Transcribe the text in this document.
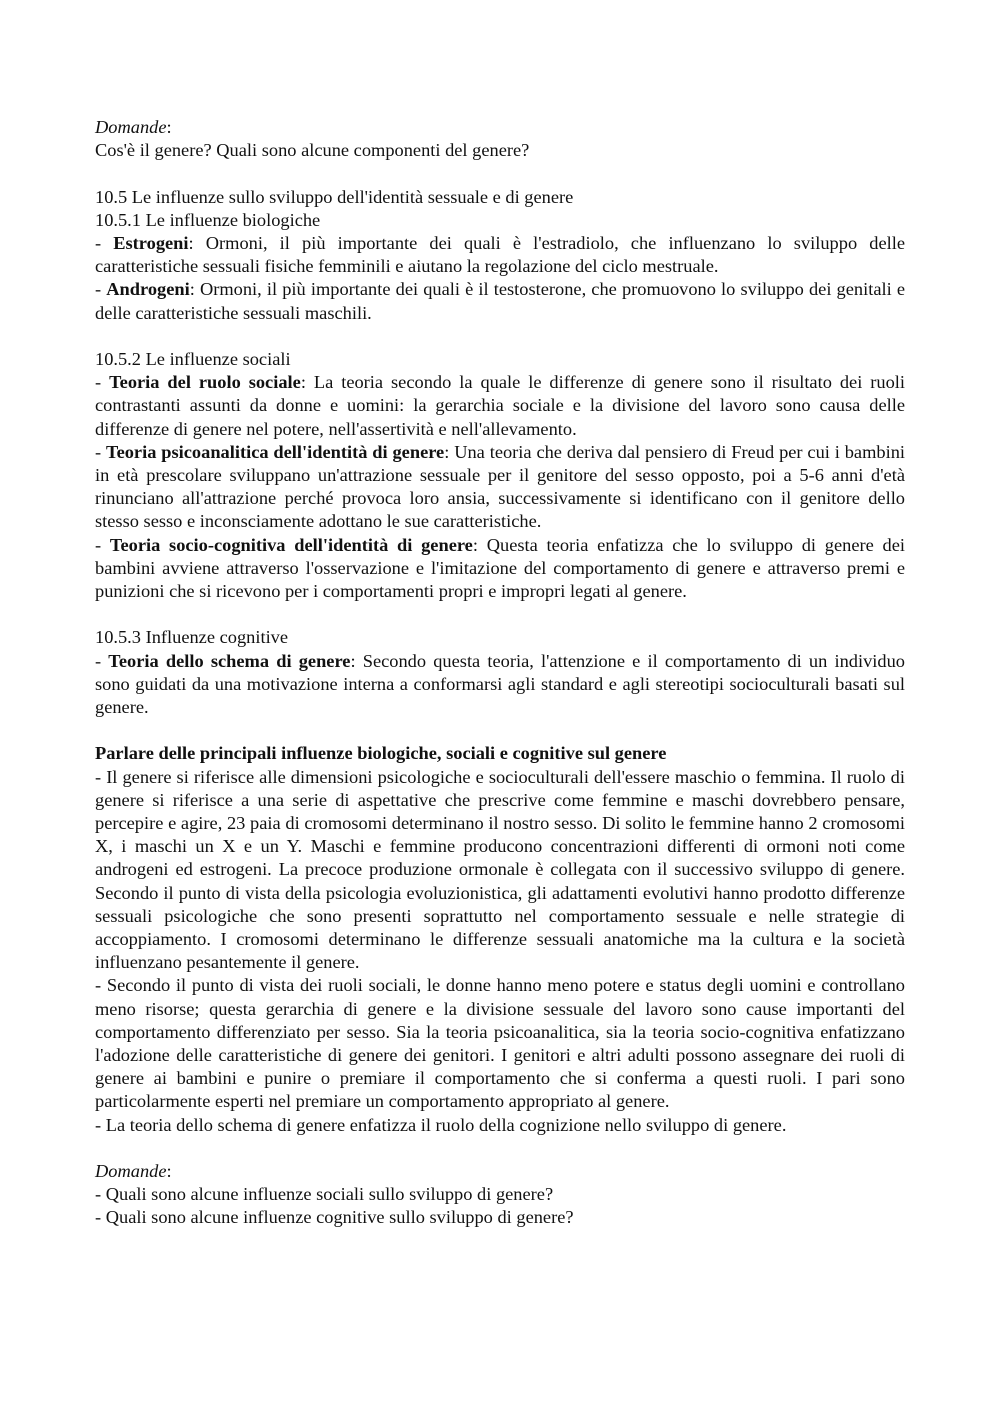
Domande:

Cos'è il genere? Quali sono alcune componenti del genere?

10.5 Le influenze sullo sviluppo dell'identità sessuale e di genere

10.5.1 Le influenze biologiche

- Estrogeni: Ormoni, il più importante dei quali è l'estradiolo, che influenzano lo sviluppo delle caratteristiche sessuali fisiche femminili e aiutano la regolazione del ciclo mestruale.

- Androgeni: Ormoni, il più importante dei quali è il testosterone, che promuovono lo sviluppo dei genitali e delle caratteristiche sessuali maschili.

10.5.2 Le influenze sociali

- Teoria del ruolo sociale: La teoria secondo la quale le differenze di genere sono il risultato dei ruoli contrastanti assunti da donne e uomini: la gerarchia sociale e la divisione del lavoro sono causa delle differenze di genere nel potere, nell'assertività e nell'allevamento.

- Teoria psicoanalitica dell'identità di genere: Una teoria che deriva dal pensiero di Freud per cui i bambini in età prescolare sviluppano un'attrazione sessuale per il genitore del sesso opposto, poi a 5-6 anni d'età rinunciano all'attrazione perché provoca loro ansia, successivamente si identificano con il genitore dello stesso sesso e inconsciamente adottano le sue caratteristiche.

- Teoria socio-cognitiva dell'identità di genere: Questa teoria enfatizza che lo sviluppo di genere dei bambini avviene attraverso l'osservazione e l'imitazione del comportamento di genere e attraverso premi e punizioni che si ricevono per i comportamenti propri e impropri legati al genere.

10.5.3 Influenze cognitive

- Teoria dello schema di genere: Secondo questa teoria, l'attenzione e il comportamento di un individuo sono guidati da una motivazione interna a conformarsi agli standard e agli stereotipi socioculturali basati sul genere.

Parlare delle principali influenze biologiche, sociali e cognitive sul genere

- Il genere si riferisce alle dimensioni psicologiche e socioculturali dell'essere maschio o femmina. Il ruolo di genere si riferisce a una serie di aspettative che prescrive come femmine e maschi dovrebbero pensare, percepire e agire, 23 paia di cromosomi determinano il nostro sesso. Di solito le femmine hanno 2 cromosomi X, i maschi un X e un Y. Maschi e femmine producono concentrazioni differenti di ormoni noti come androgeni ed estrogeni. La precoce produzione ormonale è collegata con il successivo sviluppo di genere. Secondo il punto di vista della psicologia evoluzionistica, gli adattamenti evolutivi hanno prodotto differenze sessuali psicologiche che sono presenti soprattutto nel comportamento sessuale e nelle strategie di accoppiamento. I cromosomi determinano le differenze sessuali anatomiche ma la cultura e la società influenzano pesantemente il genere.

- Secondo il punto di vista dei ruoli sociali, le donne hanno meno potere e status degli uomini e controllano meno risorse; questa gerarchia di genere e la divisione sessuale del lavoro sono cause importanti del comportamento differenziato per sesso. Sia la teoria psicoanalitica, sia la teoria socio-cognitiva enfatizzano l'adozione delle caratteristiche di genere dei genitori. I genitori e altri adulti possono assegnare dei ruoli di genere ai bambini e punire o premiare il comportamento che si conferma a questi ruoli. I pari sono particolarmente esperti nel premiare un comportamento appropriato al genere.

- La teoria dello schema di genere enfatizza il ruolo della cognizione nello sviluppo di genere.

Domande:

- Quali sono alcune influenze sociali sullo sviluppo di genere?

- Quali sono alcune influenze cognitive sullo sviluppo di genere?
